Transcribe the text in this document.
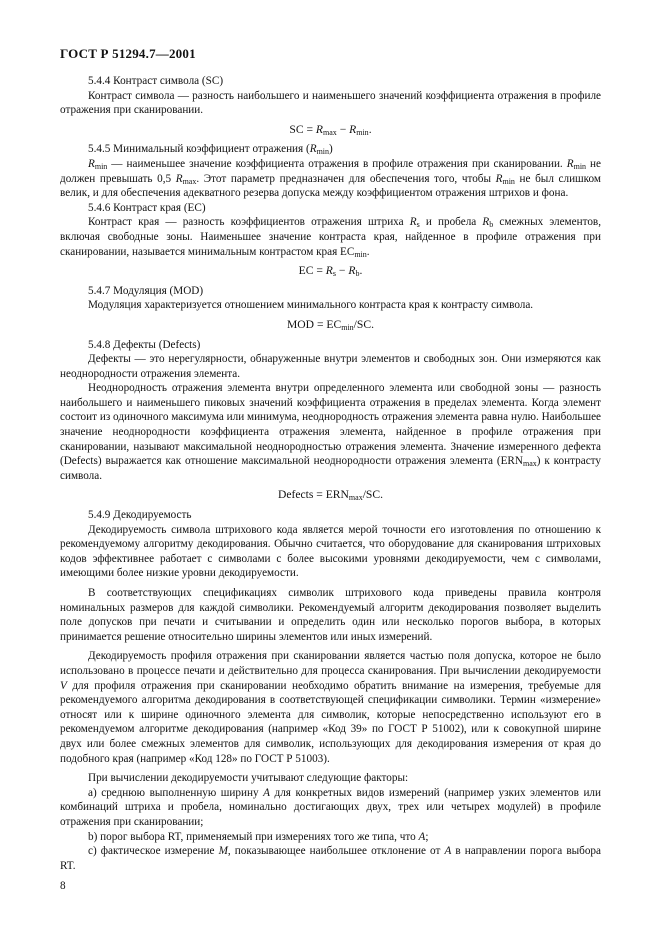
ГОСТ Р 51294.7—2001

5.4.4 Контраст символа (SC)

Контраст символа — разность наибольшего и наименьшего значений коэффициента отражения в профиле отражения при сканировании.

SC = $R_{max} - R_{min}$.

5.4.5 Минимальный коэффициент отражения $(R_{min})$

$R_{min}$ — наименьшее значение коэффициента отражения в профиле отражения при сканировании. $R_{min}$ не должен превышать 0,5 $R_{max}$. Этот параметр предназначен для обеспечения того, чтобы $R_{min}$ не был слишком велик, и для обеспечения адекватного резерва допуска между коэффициентом отражения штрихов и фона.

5.4.6 Контраст края (EC)

Контраст края — разность коэффициентов отражения штриха $R_s$ и пробела $R_b$ смежных элементов, включая свободные зоны. Наименьшее значение контраста края, найденное в профиле отражения при сканировании, называется минимальным контрастом края $EC_{min}$.

EC = $R_s - R_b$.

5.4.7 Модуляция (MOD)

Модуляция характеризуется отношением минимального контраста края к контрасту символа.

MOD = $EC_{min}/SC$.

5.4.8 Дефекты (Defects)

Дефекты — это нерегулярности, обнаруженные внутри элементов и свободных зон. Они измеряются как неоднородности отражения элемента.

Неоднородность отражения элемента внутри определенного элемента или свободной зоны — разность наибольшего и наименьшего пиковых значений коэффициента отражения в пределах элемента. Когда элемент состоит из одиночного максимума или минимума, неоднородность отражения элемента равна нулю. Наибольшее значение неоднородности коэффициента отражения элемента, найденное в профиле отражения при сканировании, называют максимальной неоднородностью отражения элемента. Значение измеренного дефекта (Defects) выражается как отношение максимальной неоднородности отражения элемента $(ERN_{max})$ к контрасту символа.

Defects = $ERN_{max}/SC$.

5.4.9 Декодируемость

Декодируемость символа штрихового кода является мерой точности его изготовления по отношению к рекомендуемому алгоритму декодирования. Обычно считается, что оборудование для сканирования штриховых кодов эффективнее работает с символами с более высокими уровнями декодируемости, чем с символами, имеющими более низкие уровни декодируемости.

В соответствующих спецификациях символик штрихового кода приведены правила контроля номинальных размеров для каждой символики. Рекомендуемый алгоритм декодирования позволяет выделить поле допусков при печати и считывании и определить один или несколько порогов выбора, в которых принимается решение относительно ширины элементов или иных измерений.

Декодируемость профиля отражения при сканировании является частью поля допуска, которое не было использовано в процессе печати и действительно для процесса сканирования. При вычислении декодируемости V для профиля отражения при сканировании необходимо обратить внимание на измерения, требуемые для рекомендуемого алгоритма декодирования в соответствующей спецификации символики. Термин «измерение» относят или к ширине одиночного элемента для символик, которые непосредственно используют его в рекомендуемом алгоритме декодирования (например «Код 39» по ГОСТ Р 51002), или к совокупной ширине двух или более смежных элементов для символик, использующих для декодирования измерения от края до подобного края (например «Код 128» по ГОСТ Р 51003).

При вычислении декодируемости учитывают следующие факторы:

а) среднюю выполненную ширину A для конкретных видов измерений (например узких элементов или комбинаций штриха и пробела, номинально достигающих двух, трех или четырех модулей) в профиле отражения при сканировании;

b) порог выбора RT, применяемый при измерениях того же типа, что A;

с) фактическое измерение M, показывающее наибольшее отклонение от A в направлении порога выбора RT.

8
